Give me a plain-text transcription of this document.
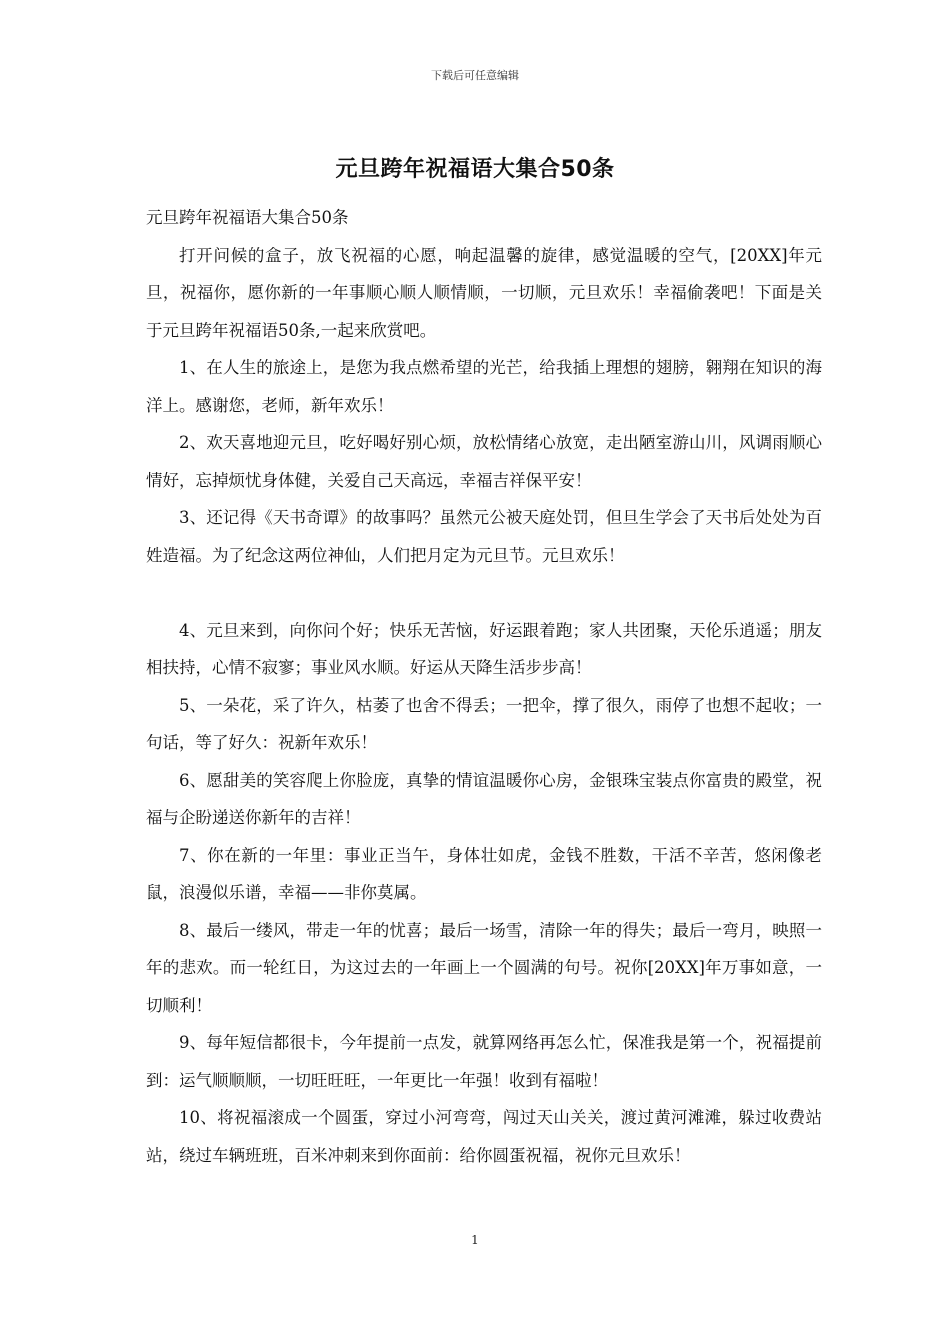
下载后可任意编辑
元旦跨年祝福语大集合50条

元旦跨年祝福语大集合50条

打开问候的盒子，放飞祝福的心愿，响起温馨的旋律，感觉温暖的空气，[20XX]年元旦，祝福你，愿你新的一年事顺心顺人顺情顺，一切顺，元旦欢乐！幸福偷袭吧！下面是关于元旦跨年祝福语50条,一起来欣赏吧。

1、在人生的旅途上，是您为我点燃希望的光芒，给我插上理想的翅膀，翱翔在知识的海洋上。感谢您，老师，新年欢乐！

2、欢天喜地迎元旦，吃好喝好别心烦，放松情绪心放宽，走出陋室游山川，风调雨顺心情好，忘掉烦忧身体健，关爱自己天高远，幸福吉祥保平安！

3、还记得《天书奇谭》的故事吗？虽然元公被天庭处罚，但旦生学会了天书后处处为百姓造福。为了纪念这两位神仙，人们把月定为元旦节。元旦欢乐！

4、元旦来到，向你问个好；快乐无苦恼，好运跟着跑；家人共团聚，天伦乐逍遥；朋友相扶持，心情不寂寥；事业风水顺。好运从天降生活步步高！

5、一朵花，采了许久，枯萎了也舍不得丢；一把伞，撑了很久，雨停了也想不起收；一句话，等了好久：祝新年欢乐！

6、愿甜美的笑容爬上你脸庞，真挚的情谊温暖你心房，金银珠宝装点你富贵的殿堂，祝福与企盼递送你新年的吉祥！

7、你在新的一年里：事业正当午，身体壮如虎，金钱不胜数，干活不辛苦，悠闲像老鼠，浪漫似乐谱，幸福——非你莫属。

8、最后一缕风，带走一年的忧喜；最后一场雪，清除一年的得失；最后一弯月，映照一年的悲欢。而一轮红日，为这过去的一年画上一个圆满的句号。祝你[20XX]年万事如意，一切顺利！

9、每年短信都很卡，今年提前一点发，就算网络再怎么忙，保准我是第一个，祝福提前到：运气顺顺顺，一切旺旺旺，一年更比一年强！收到有福啦！

10、将祝福滚成一个圆蛋，穿过小河弯弯，闯过天山关关，渡过黄河滩滩，躲过收费站站，绕过车辆班班，百米冲刺来到你面前：给你圆蛋祝福，祝你元旦欢乐！

1
